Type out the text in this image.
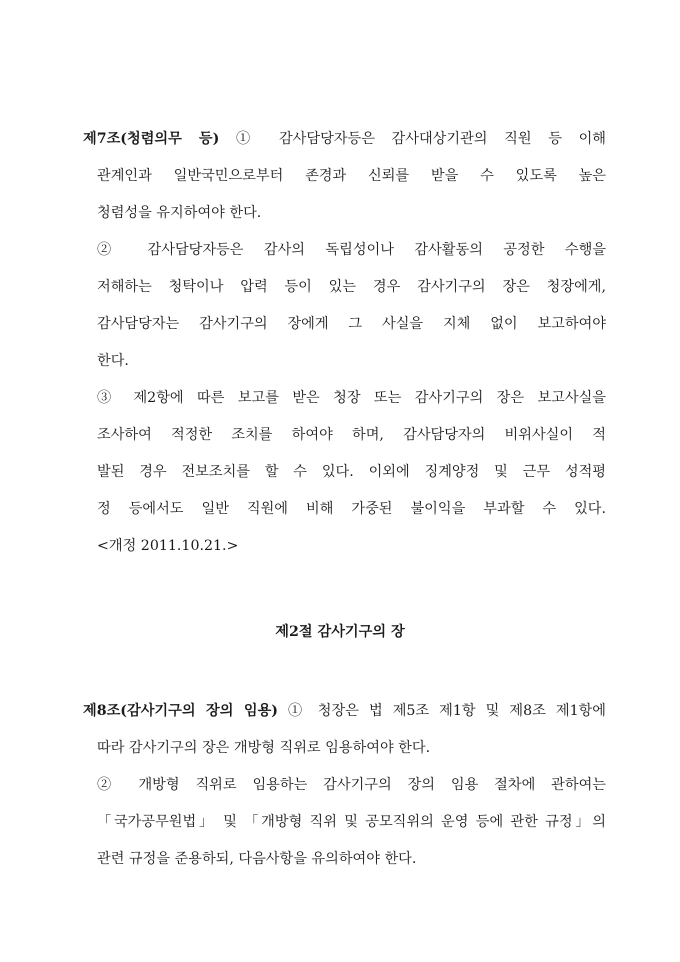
제7조(청렴의무 등) ① 감사담당자등은 감사대상기관의 직원 등 이해
관계인과 일반국민으로부터 존경과 신뢰를 받을 수 있도록 높은
청렴성을 유지하여야 한다.
② 감사담당자등은 감사의 독립성이나 감사활동의 공정한 수행을
저해하는 청탁이나 압력 등이 있는 경우 감사기구의 장은 청장에게,
감사담당자는 감사기구의 장에게 그 사실을 지체 없이 보고하여야
한다.
③ 제2항에 따른 보고를 받은 청장 또는 감사기구의 장은 보고사실을
조사하여 적정한 조치를 하여야 하며, 감사담당자의 비위사실이 적
발된 경우 전보조치를 할 수 있다. 이외에 징계양정 및 근무 성적평
정 등에서도 일반 직원에 비해 가중된 불이익을 부과할 수 있다.
<개정 2011.10.21.>
제2절 감사기구의 장
제8조(감사기구의 장의 임용) ① 청장은 법 제5조 제1항 및 제8조 제1항에
따라 감사기구의 장은 개방형 직위로 임용하여야 한다.
② 개방형 직위로 임용하는 감사기구의 장의 임용 절차에 관하여는
「국가공무원법」 및 「개방형 직위 및 공모직위의 운영 등에 관한 규정」의
관련 규정을 준용하되, 다음사항을 유의하여야 한다.
